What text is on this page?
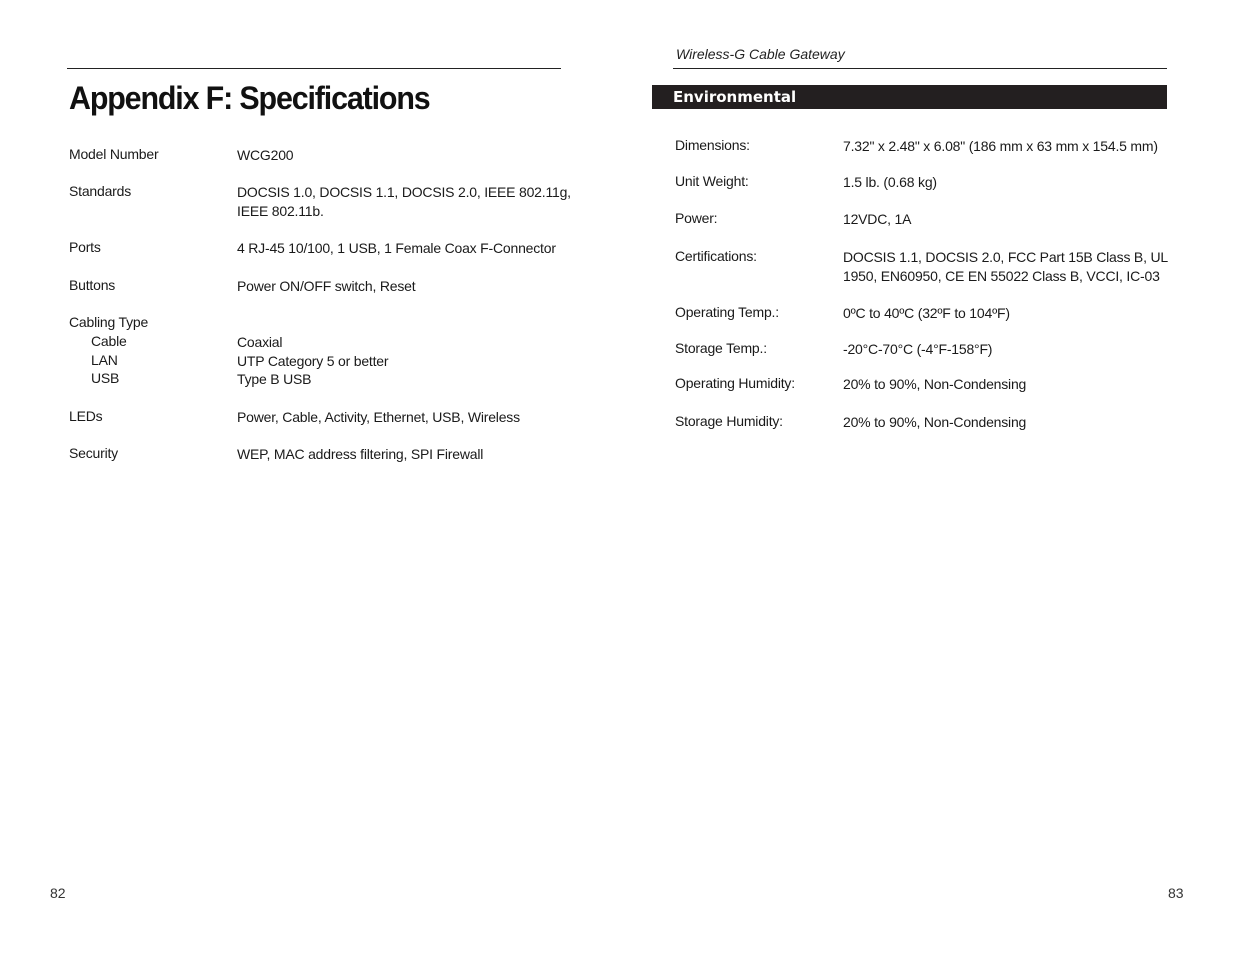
Appendix F: Specifications
Model Number	WCG200
Standards	DOCSIS 1.0, DOCSIS 1.1, DOCSIS 2.0, IEEE 802.11g,
IEEE 802.11b.
Ports	4 RJ-45 10/100, 1 USB, 1 Female Coax F-Connector
Buttons	Power ON/OFF switch, Reset
Cabling Type
Cable	Coaxial
LAN	UTP Category 5 or better
USB	Type B USB
LEDs	Power, Cable, Activity, Ethernet, USB, Wireless
Security	WEP, MAC address filtering, SPI Firewall
82
Wireless-G Cable Gateway
Environmental
Dimensions:	7.32" x 2.48" x 6.08" (186 mm x 63 mm x 154.5 mm)
Unit Weight:	1.5 lb. (0.68 kg)
Power:	12VDC, 1A
Certifications:	DOCSIS 1.1, DOCSIS 2.0, FCC Part 15B Class B, UL
1950, EN60950, CE EN 55022 Class B, VCCI, IC-03
Operating Temp.:	0ºC to 40ºC (32ºF to 104ºF)
Storage Temp.:	-20°C-70°C (-4°F-158°F)
Operating Humidity:	20% to 90%, Non-Condensing
Storage Humidity:	20% to 90%, Non-Condensing
83
